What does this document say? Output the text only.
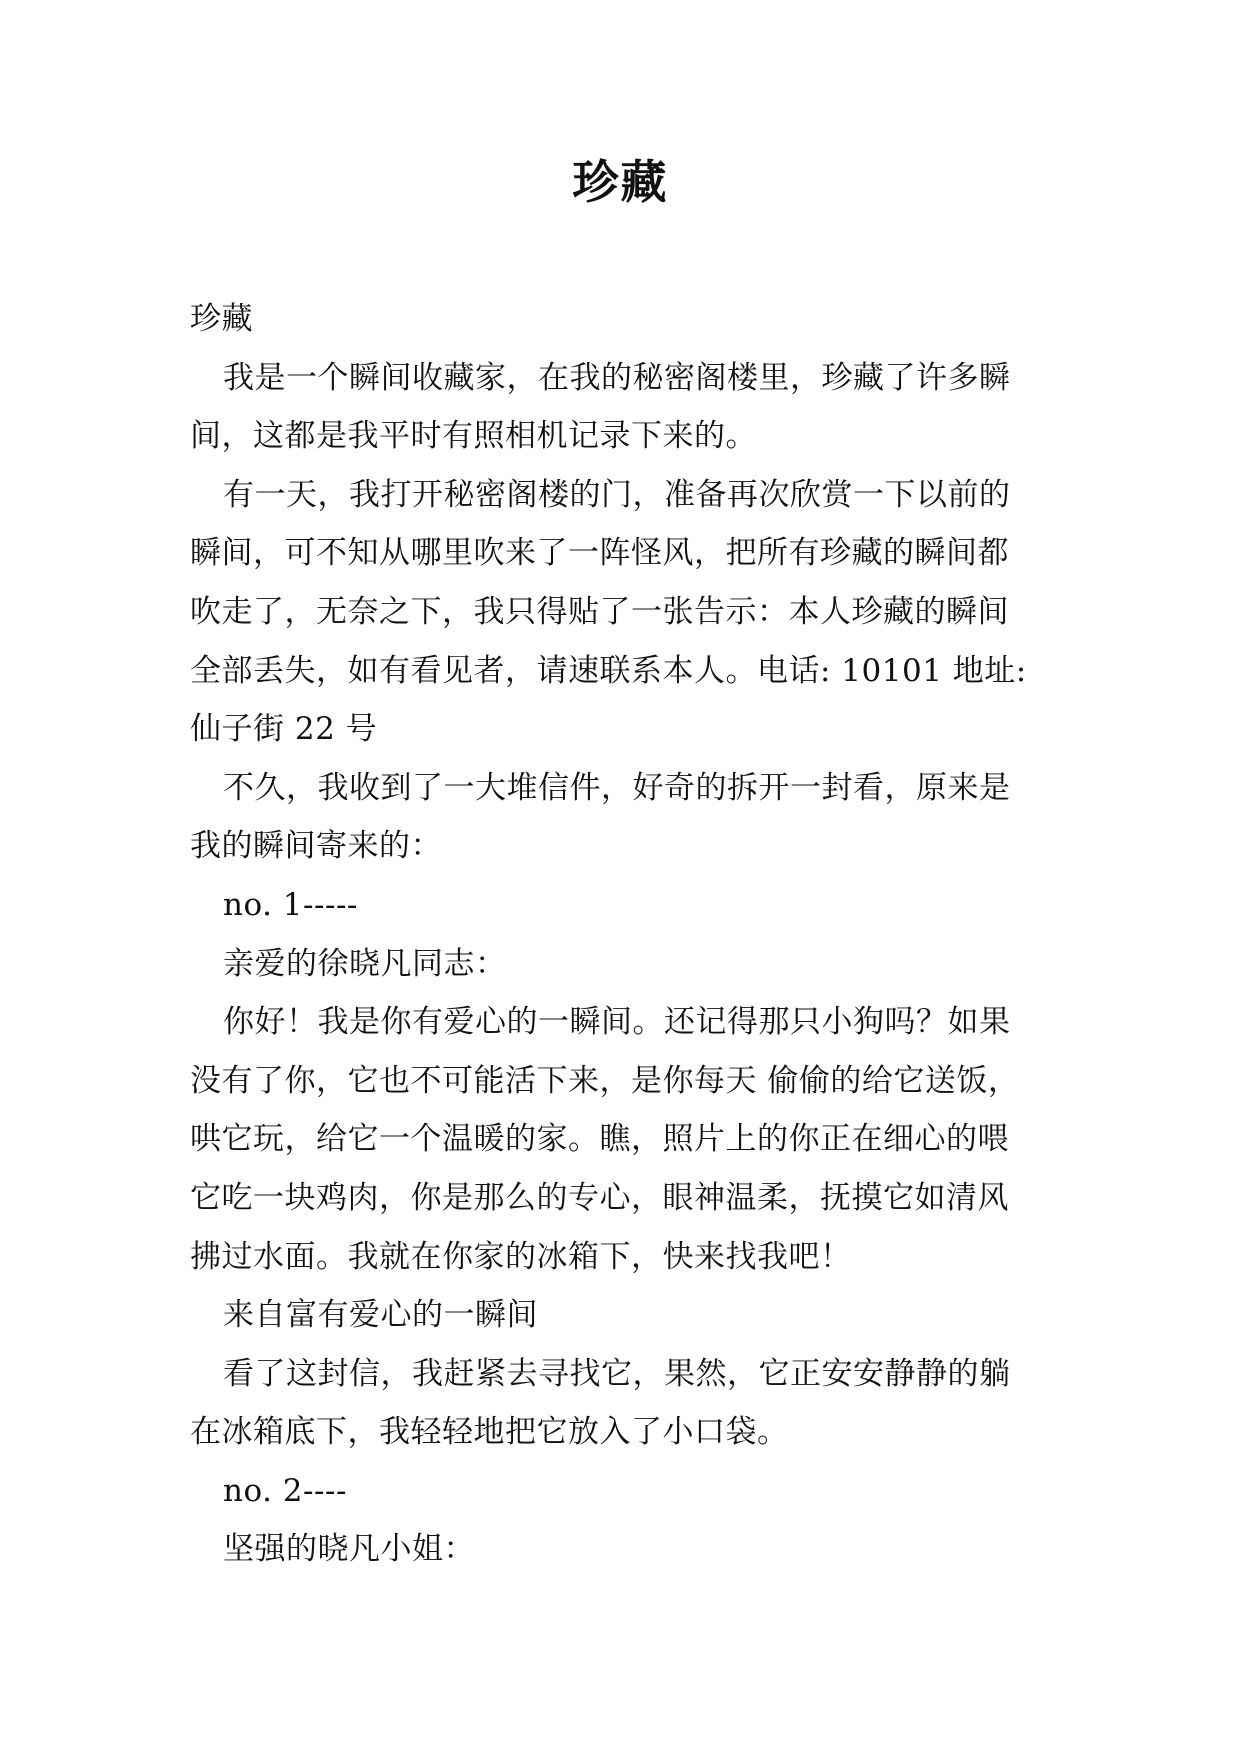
珍藏
珍藏
我是一个瞬间收藏家，在我的秘密阁楼里，珍藏了许多瞬
间，这都是我平时有照相机记录下来的。
有一天，我打开秘密阁楼的门，准备再次欣赏一下以前的
瞬间，可不知从哪里吹来了一阵怪风，把所有珍藏的瞬间都
吹走了，无奈之下，我只得贴了一张告示：本人珍藏的瞬间
全部丢失，如有看见者，请速联系本人。电话: 10101 地址:
仙子街 22 号
不久，我收到了一大堆信件，好奇的拆开一封看，原来是
我的瞬间寄来的：
no. 1-----
亲爱的徐晓凡同志：
你好！我是你有爱心的一瞬间。还记得那只小狗吗？如果
没有了你，它也不可能活下来，是你每天 偷偷的给它送饭，
哄它玩，给它一个温暖的家。瞧，照片上的你正在细心的喂
它吃一块鸡肉，你是那么的专心，眼神温柔，抚摸它如清风
拂过水面。我就在你家的冰箱下，快来找我吧！
来自富有爱心的一瞬间
看了这封信，我赶紧去寻找它，果然，它正安安静静的躺
在冰箱底下，我轻轻地把它放入了小口袋。
no. 2----
坚强的晓凡小姐：
